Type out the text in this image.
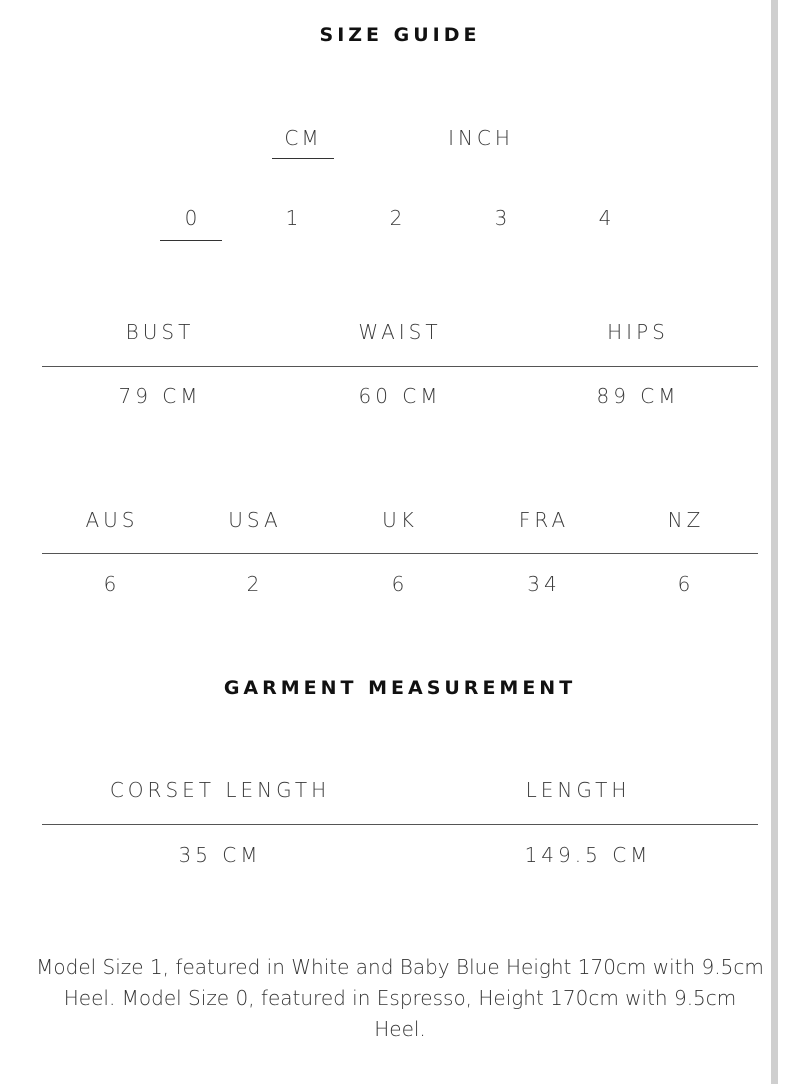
SIZE GUIDE
CM	INCH
0	1	2	3	4
BUST	WAIST	HIPS
79 CM	60 CM	89 CM
AUS	USA	UK	FRA	NZ
6	2	6	34	6
GARMENT MEASUREMENT
CORSET LENGTH	LENGTH
35 CM	149.5 CM
Model Size 1, featured in White and Baby Blue Height 170cm with 9.5cm Heel. Model Size 0, featured in Espresso, Height 170cm with 9.5cm Heel.
